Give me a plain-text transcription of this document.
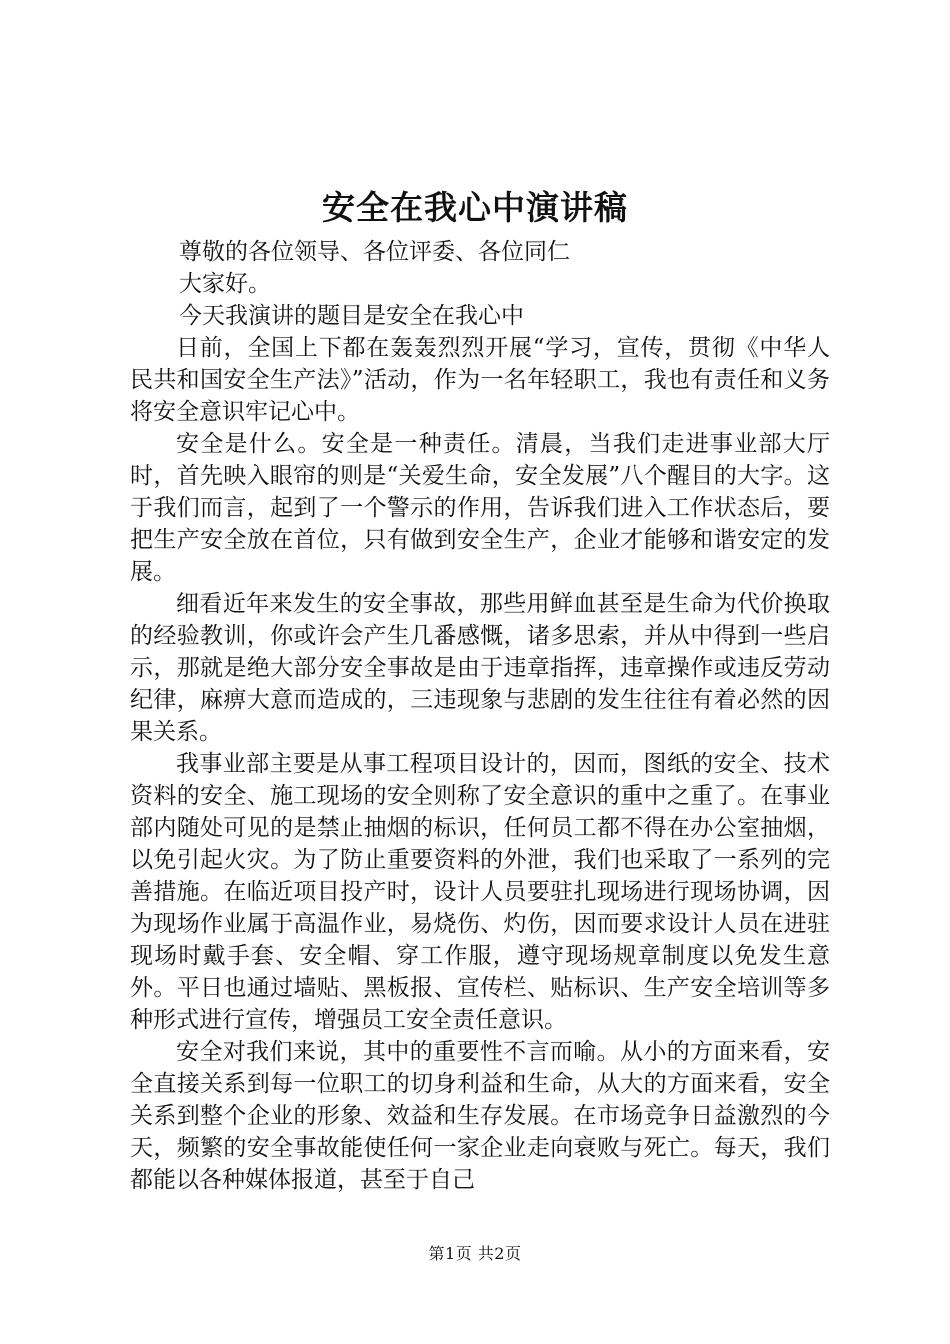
安全在我心中演讲稿

尊敬的各位领导、各位评委、各位同仁

大家好。

今天我演讲的题目是安全在我心中

日前，全国上下都在轰轰烈烈开展“学习，宣传，贯彻《中华人民共和国安全生产法》”活动，作为一名年轻职工，我也有责任和义务将安全意识牢记心中。

安全是什么。安全是一种责任。清晨，当我们走进事业部大厅时，首先映入眼帘的则是“关爱生命，安全发展”八个醒目的大字。这于我们而言，起到了一个警示的作用，告诉我们进入工作状态后，要把生产安全放在首位，只有做到安全生产，企业才能够和谐安定的发展。

细看近年来发生的安全事故，那些用鲜血甚至是生命为代价换取的经验教训，你或许会产生几番感慨，诸多思索，并从中得到一些启示，那就是绝大部分安全事故是由于违章指挥，违章操作或违反劳动纪律，麻痹大意而造成的，三违现象与悲剧的发生往往有着必然的因果关系。

我事业部主要是从事工程项目设计的，因而，图纸的安全、技术资料的安全、施工现场的安全则称了安全意识的重中之重了。在事业部内随处可见的是禁止抽烟的标识，任何员工都不得在办公室抽烟，以免引起火灾。为了防止重要资料的外泄，我们也采取了一系列的完善措施。在临近项目投产时，设计人员要驻扎现场进行现场协调，因为现场作业属于高温作业，易烧伤、灼伤，因而要求设计人员在进驻现场时戴手套、安全帽、穿工作服，遵守现场规章制度以免发生意外。平日也通过墙贴、黑板报、宣传栏、贴标识、生产安全培训等多种形式进行宣传，增强员工安全责任意识。

安全对我们来说，其中的重要性不言而喻。从小的方面来看，安全直接关系到每一位职工的切身利益和生命，从大的方面来看，安全关系到整个企业的形象、效益和生存发展。在市场竞争日益激烈的今天，频繁的安全事故能使任何一家企业走向衰败与死亡。每天，我们都能以各种媒体报道，甚至于自己

第1页 共2页
